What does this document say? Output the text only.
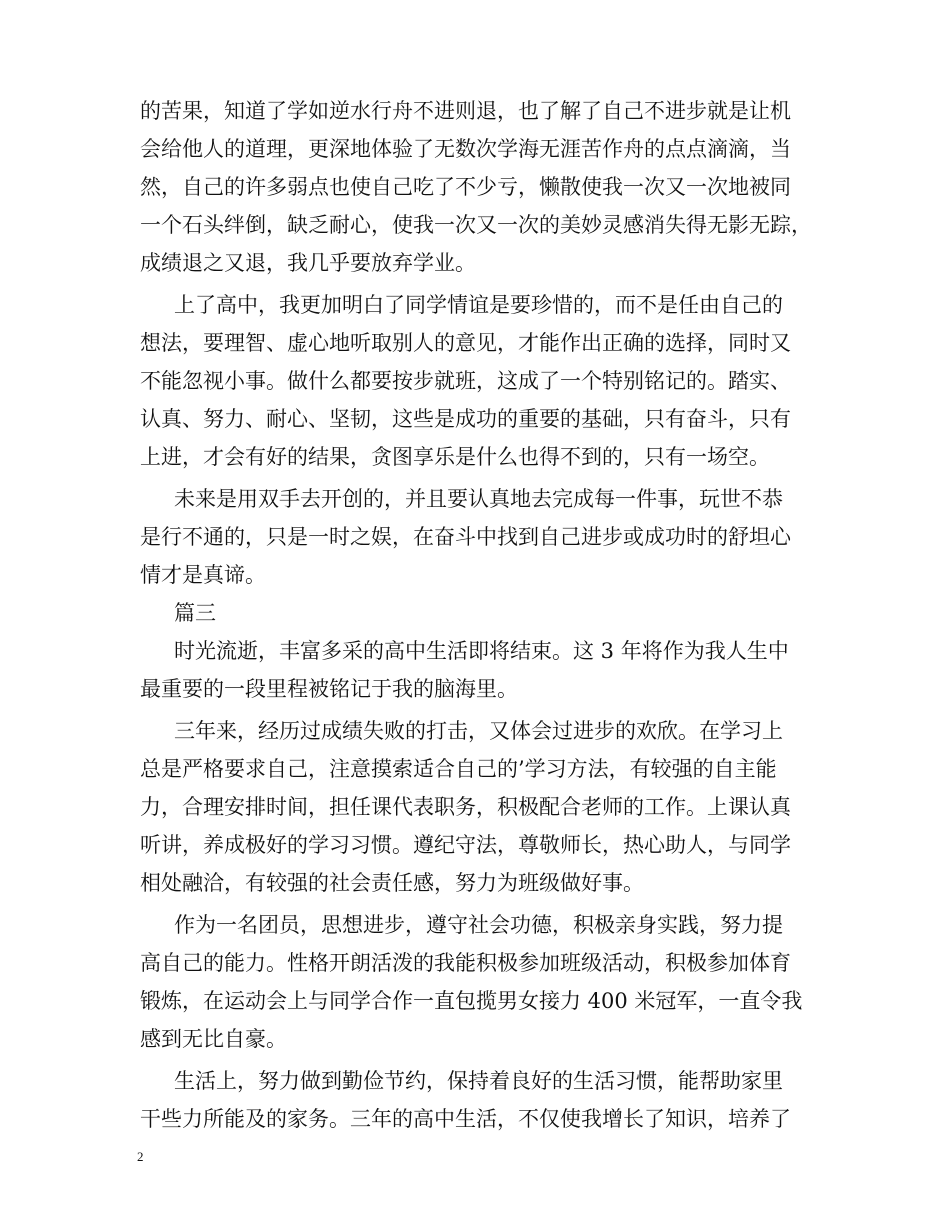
的苦果，知道了学如逆水行舟不进则退，也了解了自己不进步就是让机
会给他人的道理，更深地体验了无数次学海无涯苦作舟的点点滴滴，当
然，自己的许多弱点也使自己吃了不少亏，懒散使我一次又一次地被同
一个石头绊倒，缺乏耐心，使我一次又一次的美妙灵感消失得无影无踪，
成绩退之又退，我几乎要放弃学业。
上了高中，我更加明白了同学情谊是要珍惜的，而不是任由自己的
想法，要理智、虚心地听取别人的意见，才能作出正确的选择，同时又
不能忽视小事。做什么都要按步就班，这成了一个特别铭记的。踏实、
认真、努力、耐心、坚韧，这些是成功的重要的基础，只有奋斗，只有
上进，才会有好的结果，贪图享乐是什么也得不到的，只有一场空。
未来是用双手去开创的，并且要认真地去完成每一件事，玩世不恭
是行不通的，只是一时之娱，在奋斗中找到自己进步或成功时的舒坦心
情才是真谛。
篇三
时光流逝，丰富多采的高中生活即将结束。这 3 年将作为我人生中
最重要的一段里程被铭记于我的脑海里。
三年来，经历过成绩失败的打击，又体会过进步的欢欣。在学习上
总是严格要求自己，注意摸索适合自己的’学习方法，有较强的自主能
力，合理安排时间，担任课代表职务，积极配合老师的工作。上课认真
听讲，养成极好的学习习惯。遵纪守法，尊敬师长，热心助人，与同学
相处融洽，有较强的社会责任感，努力为班级做好事。
作为一名团员，思想进步，遵守社会功德，积极亲身实践，努力提
高自己的能力。性格开朗活泼的我能积极参加班级活动，积极参加体育
锻炼，在运动会上与同学合作一直包揽男女接力 400 米冠军，一直令我
感到无比自豪。
生活上，努力做到勤俭节约，保持着良好的生活习惯，能帮助家里
干些力所能及的家务。三年的高中生活，不仅使我增长了知识，培养了
2
